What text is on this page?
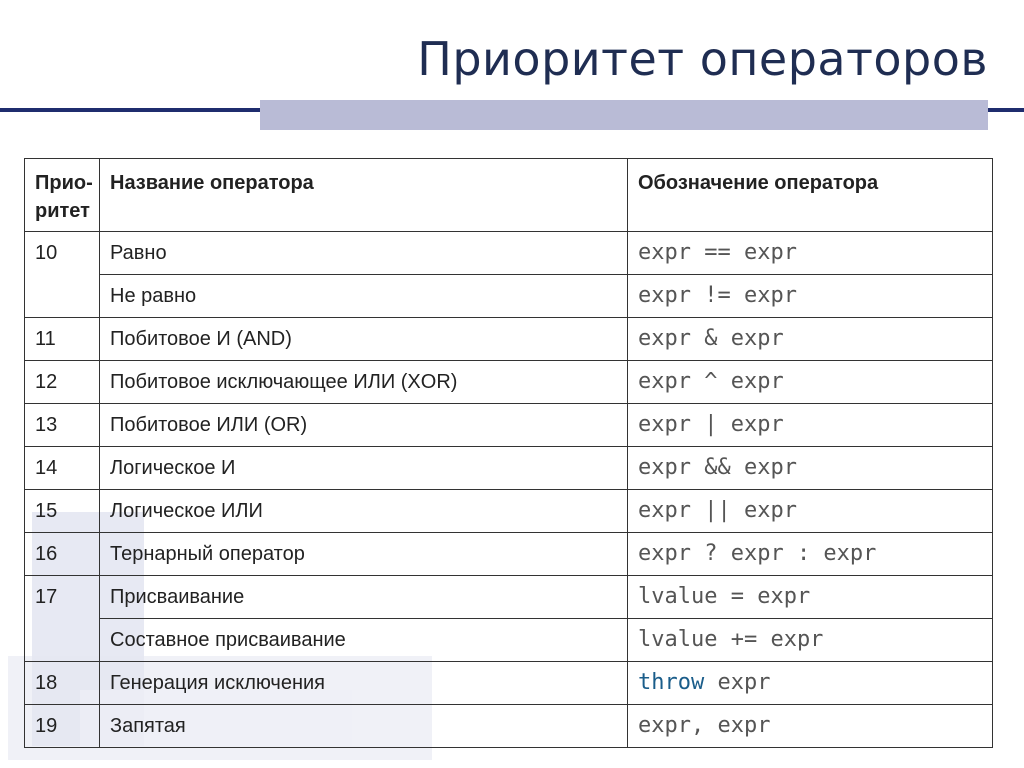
Приоритет операторов
Прио-ритет	Название оператора	Обозначение оператора
10	Равно	expr == expr
	Не равно	expr != expr
11	Побитовое И (AND)	expr & expr
12	Побитовое исключающее ИЛИ (XOR)	expr ^ expr
13	Побитовое ИЛИ (OR)	expr | expr
14	Логическое И	expr && expr
15	Логическое ИЛИ	expr || expr
16	Тернарный оператор	expr ? expr : expr
17	Присваивание	lvalue = expr
	Составное присваивание	lvalue += expr
18	Генерация исключения	throw expr
19	Запятая	expr, expr
